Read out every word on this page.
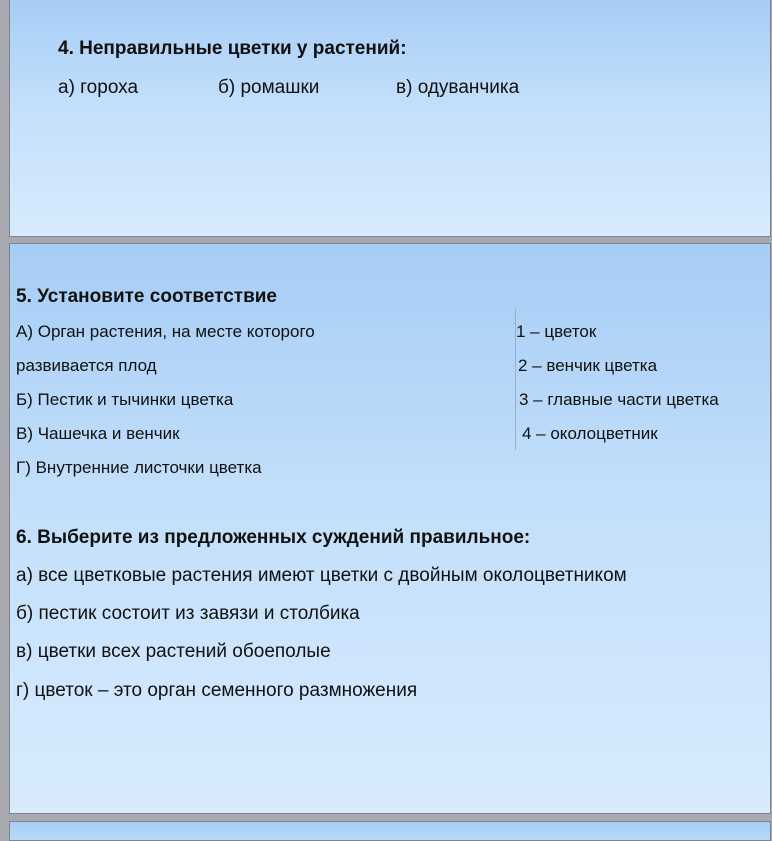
4. Неправильные цветки у растений:
а) гороха	б) ромашки	в) одуванчика
5. Установите соответствие
А) Орган растения, на месте которого
развивается плод
Б) Пестик и тычинки цветка
В) Чашечка и венчик
Г) Внутренние листочки цветка
1 – цветок
2 – венчик цветка
3 – главные части цветка
4 – околоцветник
6. Выберите из предложенных суждений правильное:
а) все цветковые растения имеют цветки с двойным околоцветником
б) пестик состоит из завязи и столбика
в) цветки всех растений обоеполые
г) цветок – это орган семенного размножения
